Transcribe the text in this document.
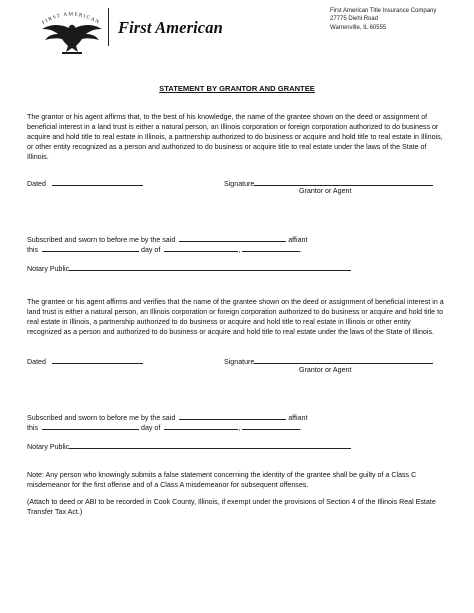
FIRST AMERICAN First American
First American Title Insurance Company
27775 Diehl Road
Warrenville, IL 60555
STATEMENT BY GRANTOR AND GRANTEE

The grantor or his agent affirms that, to the best of his knowledge, the name of the grantee shown on the deed or assignment of beneficial interest in a land trust is either a natural person, an Illinois corporation or foreign corporation authorized to do business or acquire and hold title to real estate in Illinois, a partnership authorized to do business or acquire and hold title to real estate in Illinois, or other entity recognized as a person and authorized to do business or acquire title to real estate under the laws of the State of Illinois.

Dated	Signature
Grantor or Agent
Subscribed and sworn to before me by the said	affiant
this	day of	,	.
Notary Public

The grantee or his agent affirms and verifies that the name of the grantee shown on the deed or assignment of beneficial interest in a land trust is either a natural person, an Illinois corporation or foreign corporation authorized to do business or acquire and hold title to real estate in Illinois, a partnership authorized to do business or acquire and hold title to real estate in Illinois or other entity recognized as a person and authorized to do business or acquire and hold title to real estate under the laws of the State of Illinois.

Dated	Signature
Grantor or Agent
Subscribed and sworn to before me by the said	affiant
this	day of	,	.
Notary Public

Note: Any person who knowingly submits a false statement concerning the identity of the grantee shall be guilty of a Class C misdemeanor for the first offense and of a Class A misdemeanor for subsequent offenses.

(Attach to deed or ABI to be recorded in Cook County, Illinois, if exempt under the provisions of Section 4 of the Illinois Real Estate Transfer Tax Act.)
